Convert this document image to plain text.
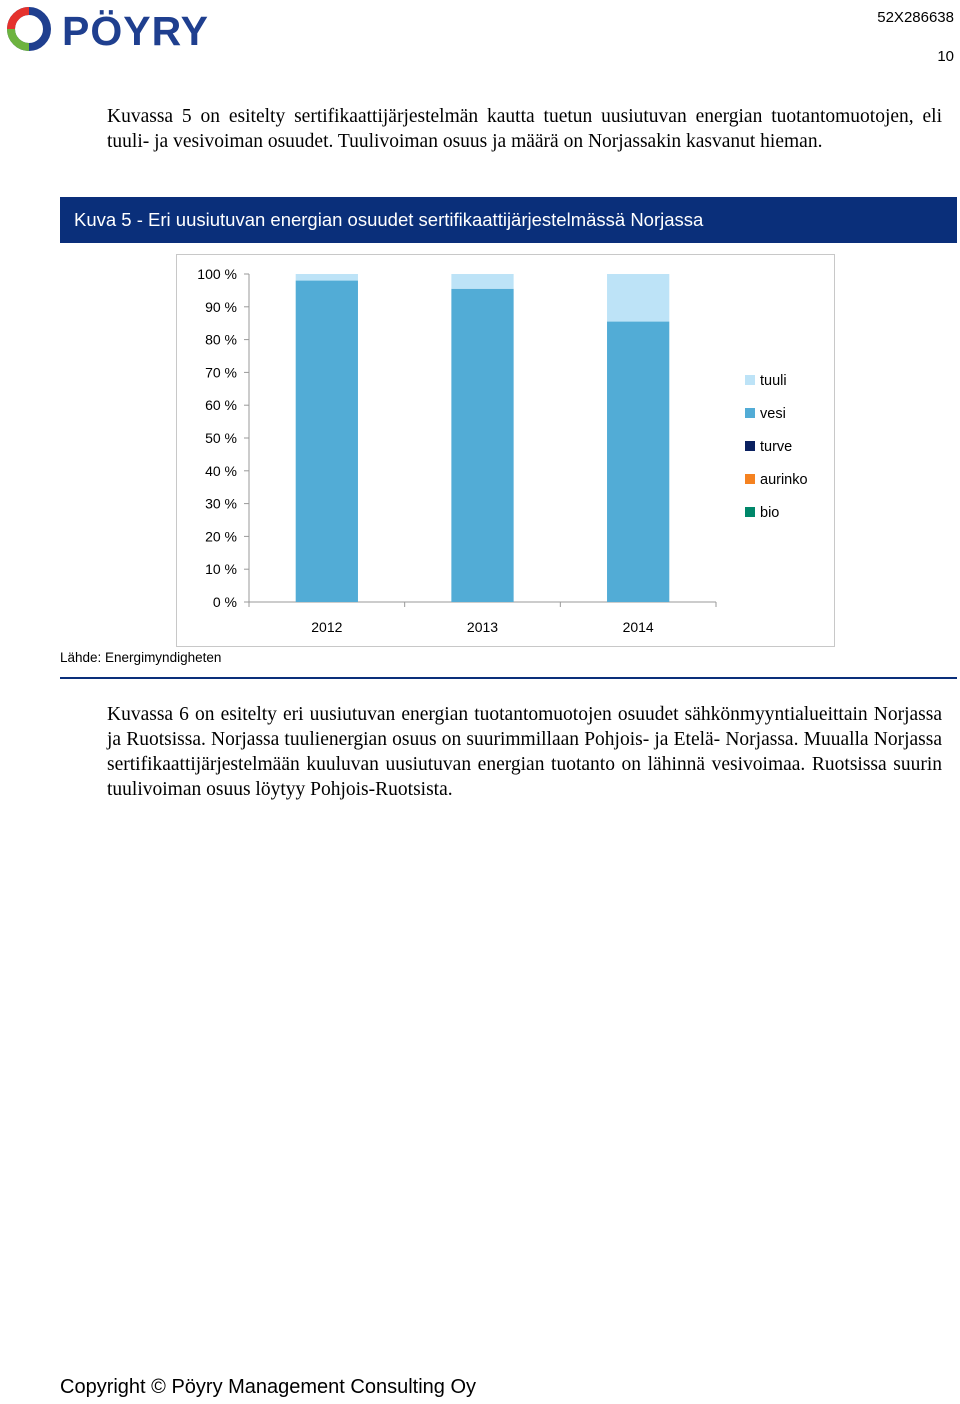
PÖYRY	52X286638
10

Kuvassa 5 on esitelty sertifikaattijärjestelmän kautta tuetun uusiutuvan energian tuotantomuotojen, eli tuuli- ja vesivoiman osuudet. Tuulivoiman osuus ja määrä on Norjassakin kasvanut hieman.

Kuva 5 - Eri uusiutuvan energian osuudet sertifikaattijärjestelmässä Norjassa
0 %
10 %
20 %
30 %
40 %
50 %
60 %
70 %
80 %
90 %
100 %
2012	2013	2014
tuuli
vesi
turve
aurinko
bio
Lähde: Energimyndigheten

Kuvassa 6 on esitelty eri uusiutuvan energian tuotantomuotojen osuudet sähkönmyyntialueittain Norjassa ja Ruotsissa. Norjassa tuulienergian osuus on suurimmillaan Pohjois- ja Etelä- Norjassa. Muualla Norjassa sertifikaattijärjestelmään kuuluvan uusiutuvan energian tuotanto on lähinnä vesivoimaa. Ruotsissa suurin tuulivoiman osuus löytyy Pohjois-Ruotsista.

Copyright © Pöyry Management Consulting Oy
